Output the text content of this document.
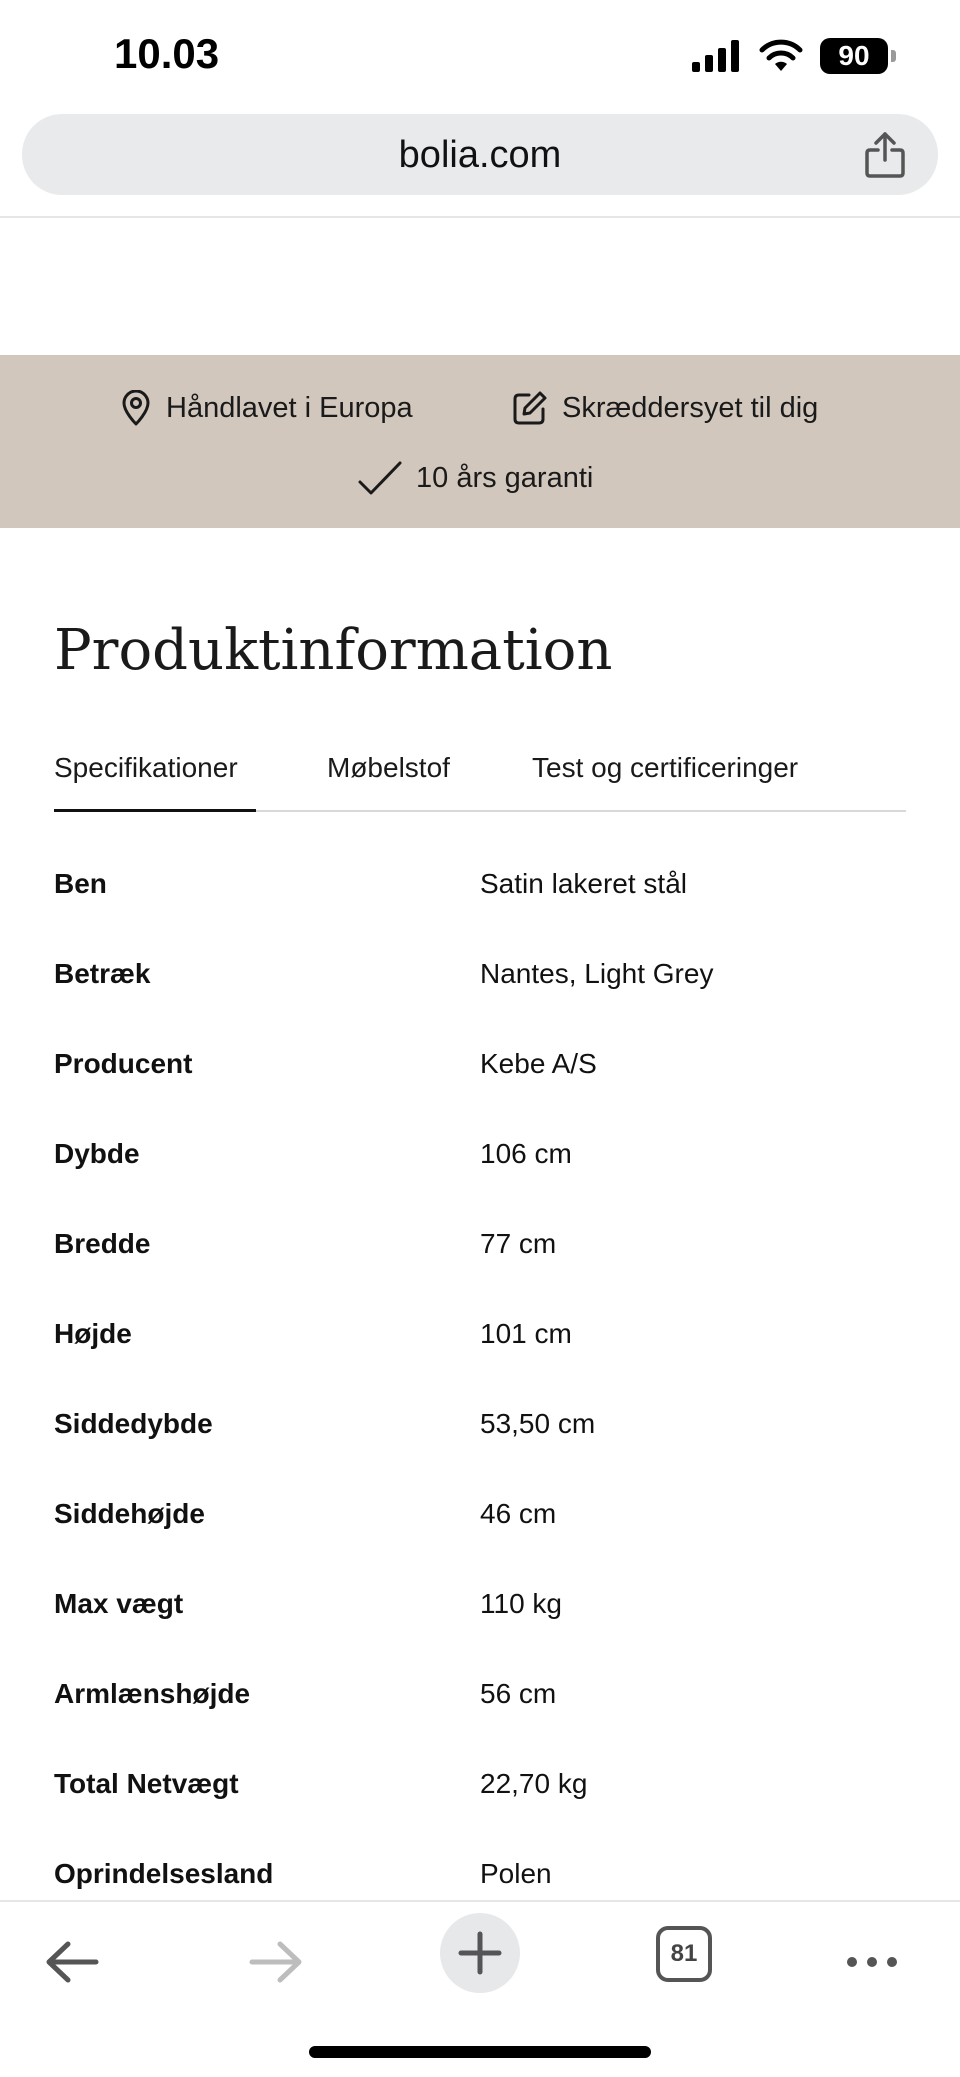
10.03	90
bolia.com
Håndlavet i Europa	Skræddersyet til dig
10 års garanti
Produktinformation
Specifikationer	Møbelstof	Test og certificeringer
Ben	Satin lakeret stål
Betræk	Nantes, Light Grey
Producent	Kebe A/S
Dybde	106 cm
Bredde	77 cm
Højde	101 cm
Siddedybde	53,50 cm
Siddehøjde	46 cm
Max vægt	110 kg
Armlænshøjde	56 cm
Total Netvægt	22,70 kg
Oprindelsesland	Polen
81
